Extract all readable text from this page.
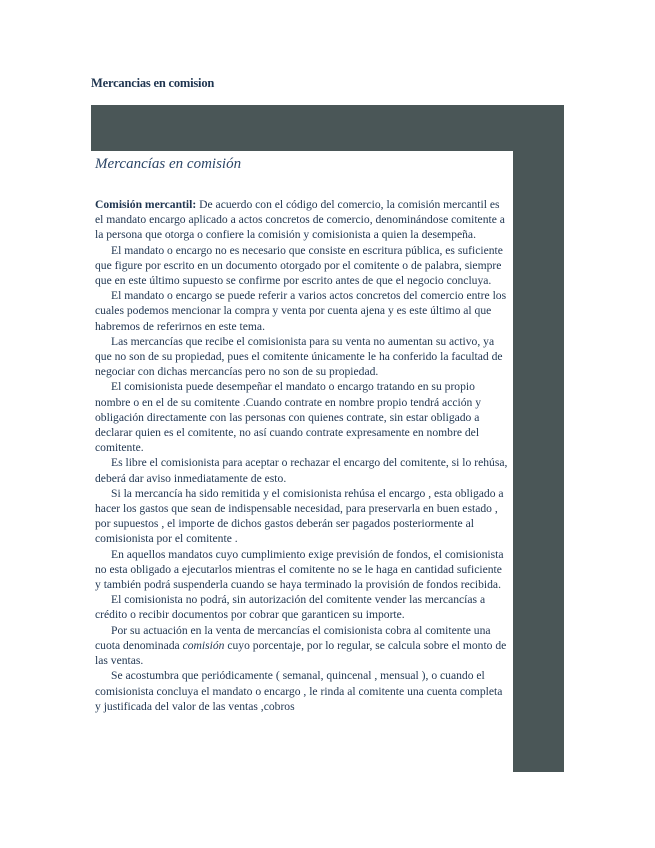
Mercancias en comision
Mercancías en comisión

Comisión mercantil: De acuerdo con el código del comercio, la comisión mercantil es el mandato encargo aplicado a actos concretos de comercio, denominándose comitente a la persona que otorga o confiere la comisión y comisionista a quien la desempeña.

El mandato o encargo no es necesario que consiste en escritura pública, es suficiente que figure por escrito en un documento otorgado por el comitente o de palabra, siempre que en este último supuesto se confirme por escrito antes de que el negocio concluya.

El mandato o encargo se puede referir a varios actos concretos del comercio entre los cuales podemos mencionar la compra y venta por cuenta ajena y es este último al que habremos de referirnos en este tema.

Las mercancías que recibe el comisionista para su venta no aumentan su activo, ya que no son de su propiedad, pues el comitente únicamente le ha conferido la facultad de negociar con dichas mercancías pero no son de su propiedad.

El comisionista puede desempeñar el mandato o encargo tratando en su propio nombre o en el de su comitente .Cuando contrate en nombre propio tendrá acción y obligación directamente con las personas con quienes contrate, sin estar obligado a declarar quien es el comitente, no así cuando contrate expresamente en nombre del comitente.

Es libre el comisionista para aceptar o rechazar el encargo del comitente, si lo rehúsa, deberá dar aviso inmediatamente de esto.

Si la mercancía ha sido remitida y el comisionista rehúsa el encargo , esta obligado a hacer los gastos que sean de indispensable necesidad, para preservarla en buen estado , por supuestos , el importe de dichos gastos deberán ser pagados posteriormente al comisionista por el comitente .

En aquellos mandatos cuyo cumplimiento exige previsión de fondos, el comisionista no esta obligado a ejecutarlos mientras el comitente no se le haga en cantidad suficiente y también podrá suspenderla cuando se haya terminado la provisión de fondos recibida.

El comisionista no podrá, sin autorización del comitente vender las mercancías a crédito o recibir documentos por cobrar que garanticen su importe.

Por su actuación en la venta de mercancías el comisionista cobra al comitente una cuota denominada comisión cuyo porcentaje, por lo regular, se calcula sobre el monto de las ventas.

Se acostumbra que periódicamente ( semanal, quincenal , mensual ), o cuando el comisionista concluya el mandato o encargo , le rinda al comitente una cuenta completa y justificada del valor de las ventas ,cobros
